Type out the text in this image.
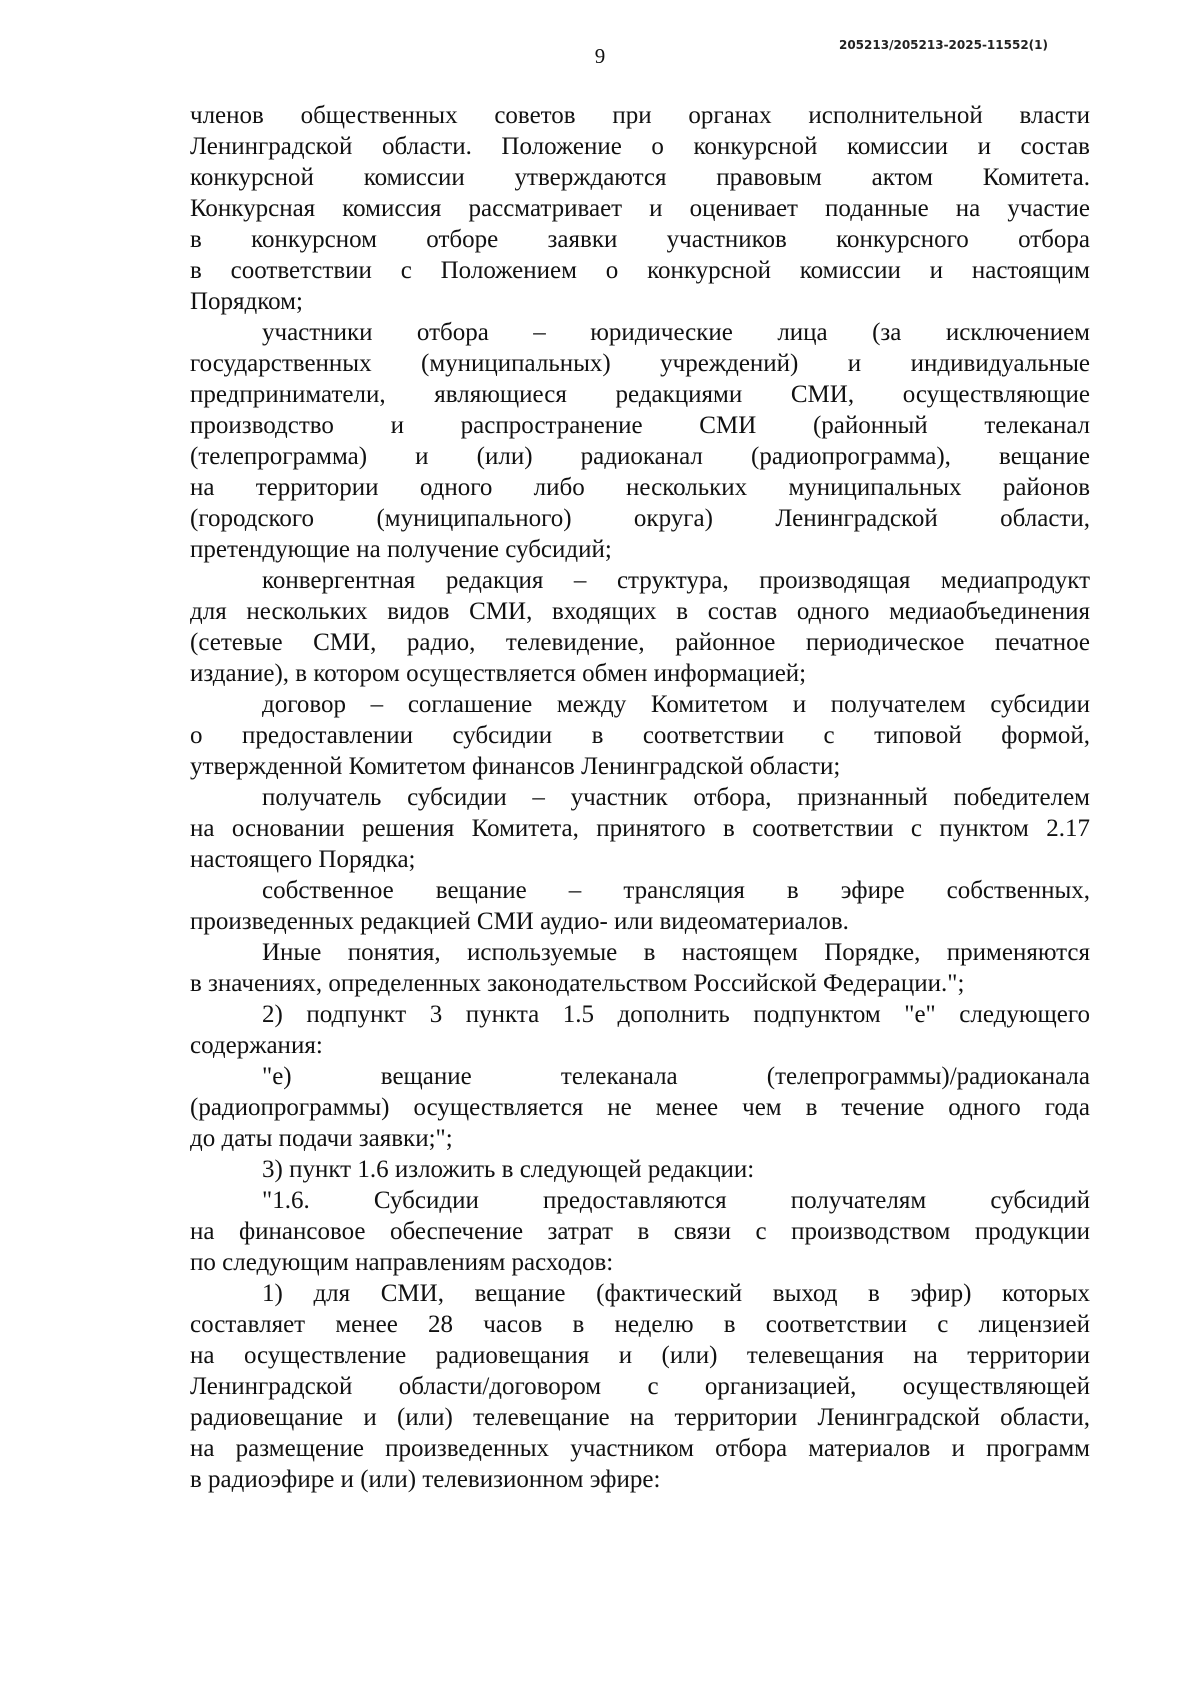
205213/205213-2025-11552(1)
9

членов общественных советов при органах исполнительной власти

Ленинградской области. Положение о конкурсной комиссии и состав

конкурсной комиссии утверждаются правовым актом Комитета.

Конкурсная комиссия рассматривает и оценивает поданные на участие

в конкурсном отборе заявки участников конкурсного отбора

в соответствии с Положением о конкурсной комиссии и настоящим

Порядком;

участники отбора – юридические лица (за исключением

государственных (муниципальных) учреждений) и индивидуальные

предприниматели, являющиеся редакциями СМИ, осуществляющие

производство и распространение СМИ (районный телеканал

(телепрограмма) и (или) радиоканал (радиопрограмма), вещание

на территории одного либо нескольких муниципальных районов

(городского (муниципального) округа) Ленинградской области,

претендующие на получение субсидий;

конвергентная редакция – структура, производящая медиапродукт

для нескольких видов СМИ, входящих в состав одного медиаобъединения

(сетевые СМИ, радио, телевидение, районное периодическое печатное

издание), в котором осуществляется обмен информацией;

договор – соглашение между Комитетом и получателем субсидии

о предоставлении субсидии в соответствии с типовой формой,

утвержденной Комитетом финансов Ленинградской области;

получатель субсидии – участник отбора, признанный победителем

на основании решения Комитета, принятого в соответствии с пунктом 2.17

настоящего Порядка;

собственное вещание – трансляция в эфире собственных,

произведенных редакцией СМИ аудио- или видеоматериалов.

Иные понятия, используемые в настоящем Порядке, применяются

в значениях, определенных законодательством Российской Федерации.";

2) подпункт 3 пункта 1.5 дополнить подпунктом "е" следующего

содержания:

"е) вещание телеканала (телепрограммы)/радиоканала

(радиопрограммы) осуществляется не менее чем в течение одного года

до даты подачи заявки;";

3) пункт 1.6 изложить в следующей редакции:

"1.6. Субсидии предоставляются получателям субсидий

на финансовое обеспечение затрат в связи с производством продукции

по следующим направлениям расходов:

1) для СМИ, вещание (фактический выход в эфир) которых

составляет менее 28 часов в неделю в соответствии с лицензией

на осуществление радиовещания и (или) телевещания на территории

Ленинградской области/договором с организацией, осуществляющей

радиовещание и (или) телевещание на территории Ленинградской области,

на размещение произведенных участником отбора материалов и программ

в радиоэфире и (или) телевизионном эфире:
